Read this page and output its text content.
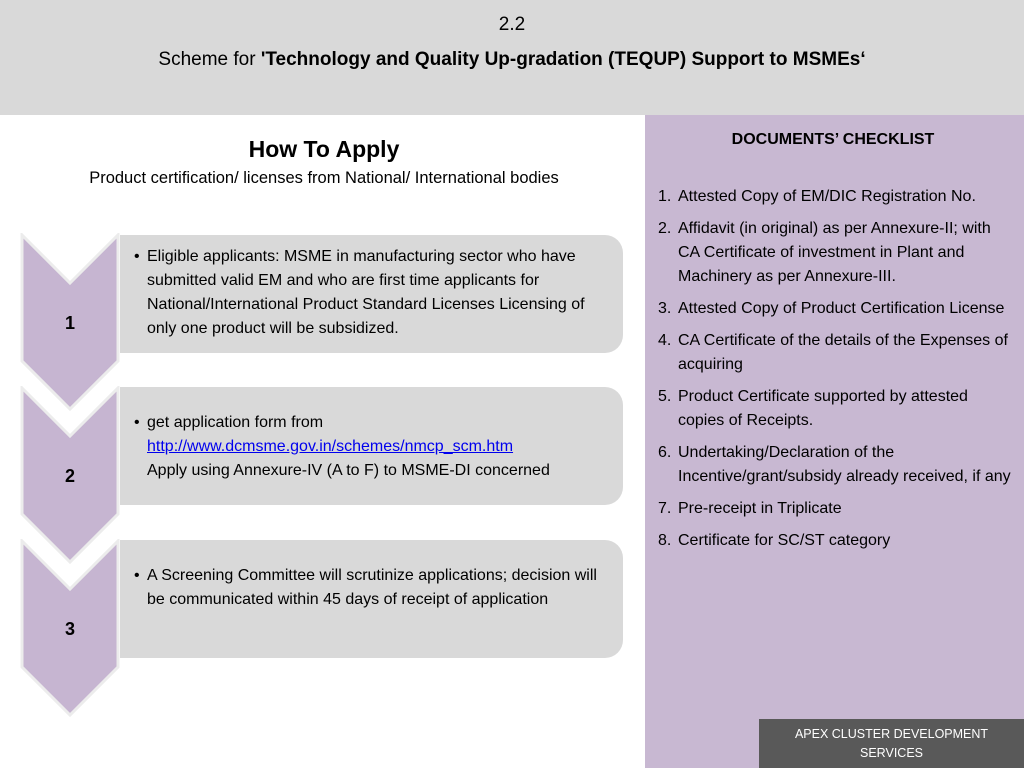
2.2
Scheme for 'Technology and Quality Up-gradation (TEQUP) Support to MSMEs‘
How To Apply
Product certification/ licenses from National/ International bodies
1
• Eligible applicants: MSME in manufacturing sector who have submitted valid EM and who are first time applicants for National/International Product Standard Licenses Licensing of only one product will be subsidized.
2
• get application form from
http://www.dcmsme.gov.in/schemes/nmcp_scm.htm
Apply using Annexure-IV (A to F) to MSME-DI concerned
3
• A Screening Committee will scrutinize applications; decision will be communicated within 45 days of receipt of application
DOCUMENTS’ CHECKLIST
1. Attested Copy of EM/DIC Registration No.
2. Affidavit (in original) as per Annexure-II; with CA Certificate of investment in Plant and Machinery as per Annexure-III.
3. Attested Copy of Product Certification License
4. CA Certificate of the details of the Expenses of acquiring
5. Product Certificate supported by attested copies of Receipts.
6. Undertaking/Declaration of the Incentive/grant/subsidy already received, if any
7. Pre-receipt in Triplicate
8. Certificate for SC/ST category
APEX CLUSTER DEVELOPMENT
SERVICES
